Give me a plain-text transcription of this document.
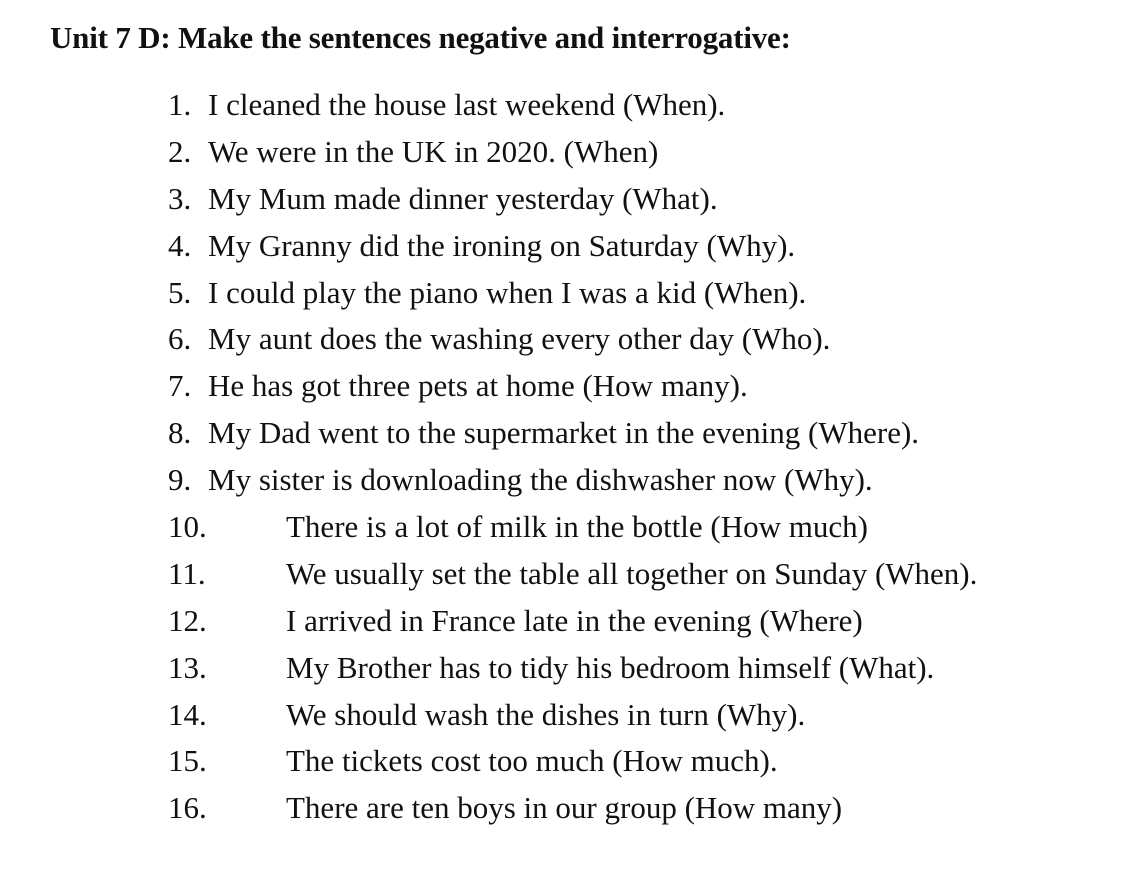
Unit 7 D: Make the sentences negative and interrogative:
1. I cleaned the house last weekend (When).
2. We were in the UK in 2020. (When)
3. My Mum made dinner yesterday (What).
4. My Granny did the ironing on Saturday (Why).
5. I could play the piano when I was a kid (When).
6. My aunt does the washing every other day (Who).
7. He has got three pets at home (How many).
8. My Dad went to the supermarket in the evening (Where).
9. My sister is downloading the dishwasher now (Why).
10.	There is a lot of milk in the bottle (How much)
11.	We usually set the table all together on Sunday (When).
12.	I arrived in France late in the evening (Where)
13.	My Brother has to tidy his bedroom himself (What).
14.	We should wash the dishes in turn (Why).
15.	The tickets cost too much (How much).
16.	There are ten boys in our group (How many)
